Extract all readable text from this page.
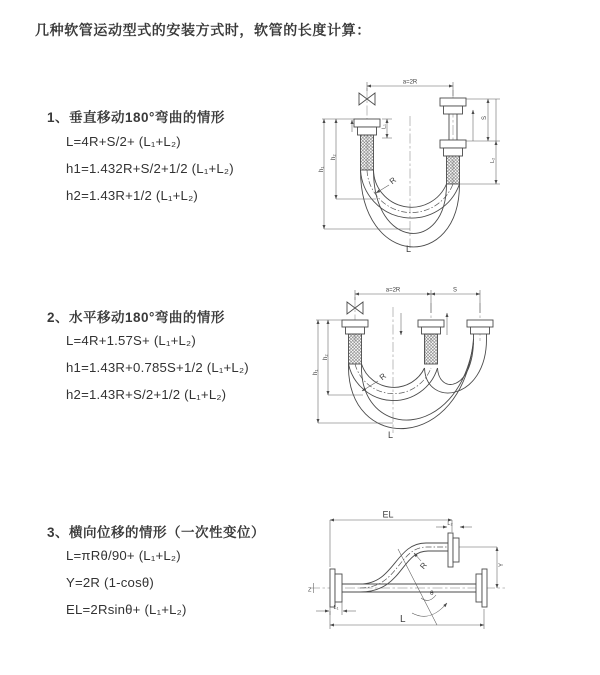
几种软管运动型式的安装方式时，软管的长度计算：
1、垂直移动180°弯曲的情形
L=4R+S/2+ (L₁+L₂)
h1=1.432R+S/2+1/2 (L₁+L₂)
h2=1.43R+1/2 (L₁+L₂)
a=2R
L₁
S
L₂
h₁
h₂
R
L
2、水平移动180°弯曲的情形
L=4R+1.57S+ (L₁+L₂)
h1=1.43R+0.785S+1/2 (L₁+L₂)
h2=1.43R+S/2+1/2 (L₁+L₂)
a=2R	S
h₁
h₂
R
L
3、横向位移的情形（一次性变位）
L=πRθ/90+ (L₁+L₂)
Y=2R (1-cosθ)
EL=2Rsinθ+ (L₁+L₂)
Z	θ
R
EL
L₂
Y
L₁
L
